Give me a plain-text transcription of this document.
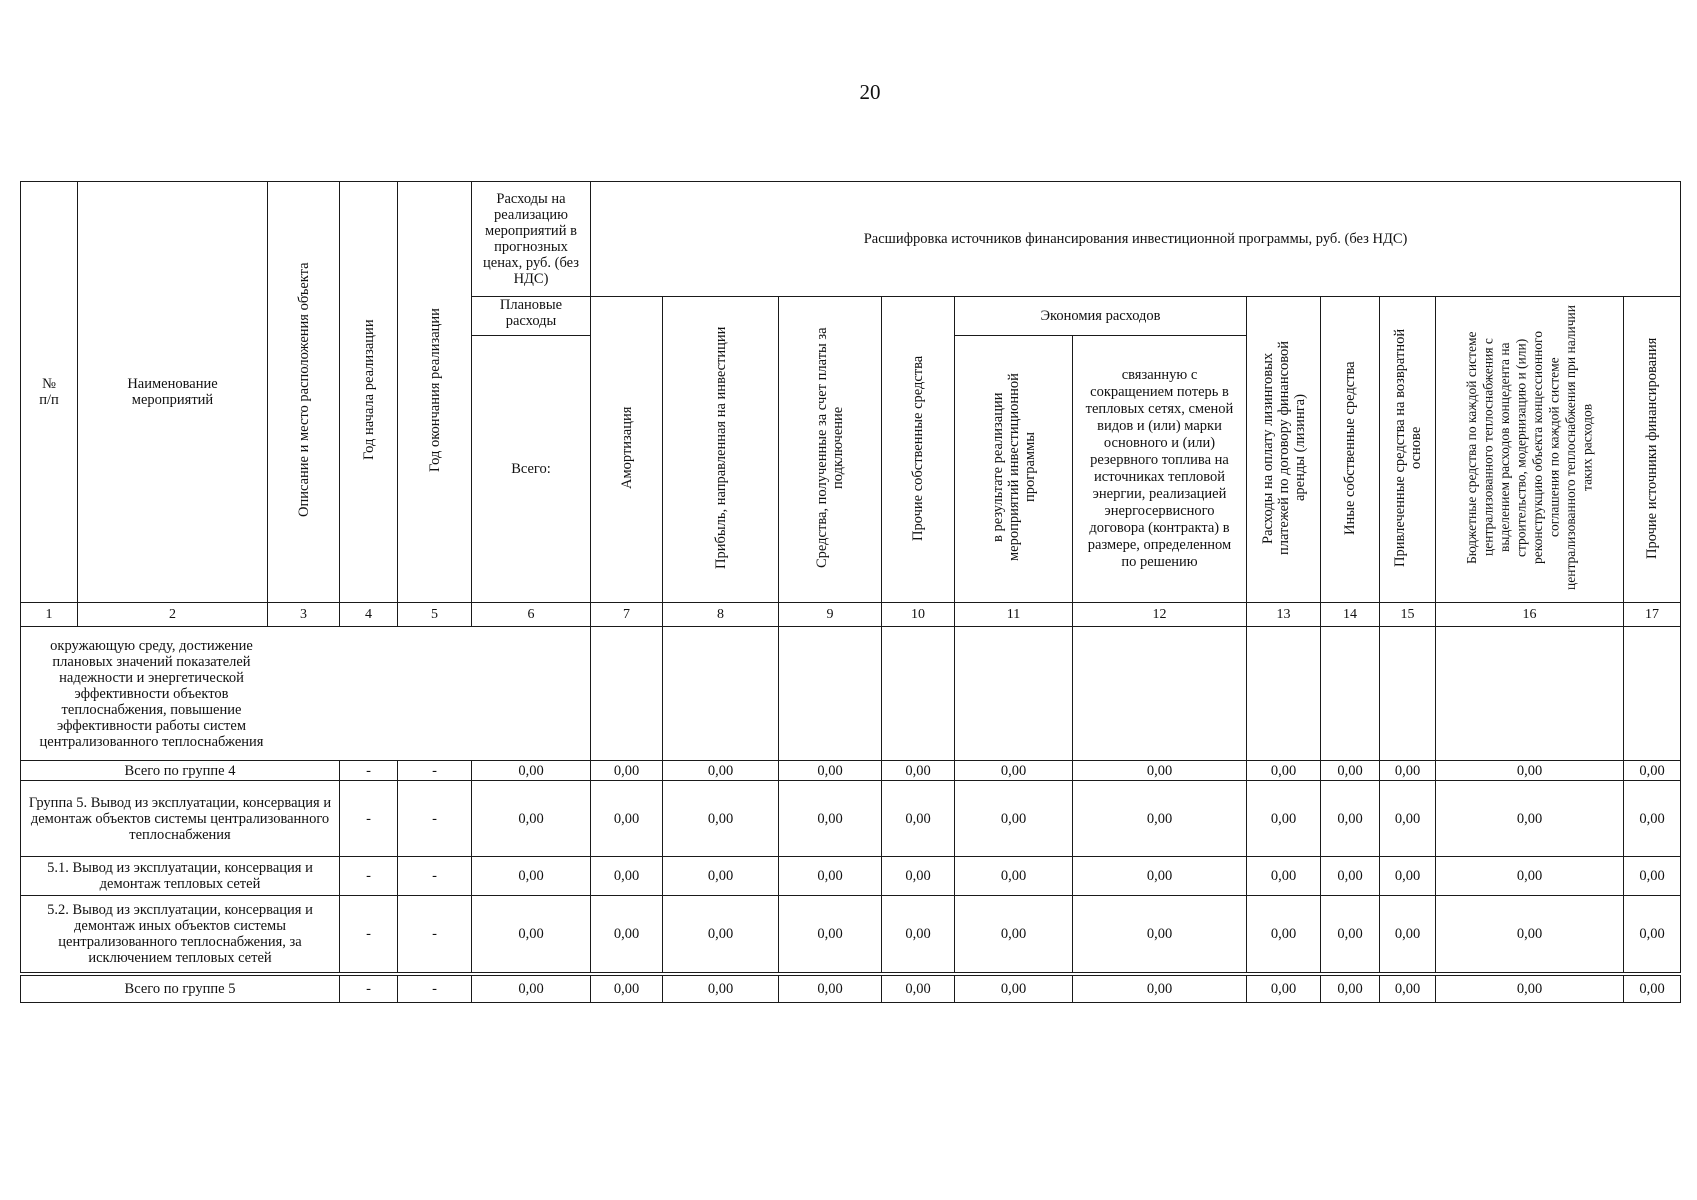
20
№ п/п	Наименование мероприятий	Описание и место расположения объекта	Год начала реализации	Год окончания реализации	Расходы на реализацию мероприятий в прогнозных ценах, руб. (без НДС)	Расшифровка источников финансирования инвестиционной программы, руб. (без НДС)										

					Плановые расходы	Амортизация	Прибыль, направленная на инвестиции	Средства, полученные за счет платы за подключение	Прочие собственные средства	Экономия расходов		Расходы на оплату лизинговых платежей по договору финансовой аренды (лизинга)	Иные собственные средства	Привлеченные средства на возвратной основе	Бюджетные средства по каждой системе централизованного теплоснабжения с выделением расходов концедента на строительство, модернизацию и (или) реконструкцию объекта концессионного соглашения по каждой системе централизованного теплоснабжения при наличии таких расходов	Прочие источники финансирования

					Всего:					в результате реализации мероприятий инвестиционной программы	связанную с сокращением потерь в тепловых сетях, сменой видов и (или) марки основного и (или) резервного топлива на источниках тепловой энергии, реализацией энергосервисного договора (контракта) в размере, определенном по решению					

1	2	3	4	5	6	7	8	9	10	11	12	13	14	15	16	17

окружающую среду, достижение плановых значений показателей надежности и энергетической эффективности объектов теплоснабжения, повышение эффективности работы систем централизованного теплоснабжения																

Всего по группе 4			-	-	0,00	0,00	0,00	0,00	0,00	0,00	0,00	0,00	0,00	0,00	0,00	0,00

Группа 5. Вывод из эксплуатации, консервация и демонтаж объектов системы централизованного теплоснабжения			-	-	0,00	0,00	0,00	0,00	0,00	0,00	0,00	0,00	0,00	0,00	0,00	0,00

5.1. Вывод из эксплуатации, консервация и демонтаж тепловых сетей			-	-	0,00	0,00	0,00	0,00	0,00	0,00	0,00	0,00	0,00	0,00	0,00	0,00

5.2. Вывод из эксплуатации, консервация и демонтаж иных объектов системы централизованного теплоснабжения, за исключением тепловых сетей			-	-	0,00	0,00	0,00	0,00	0,00	0,00	0,00	0,00	0,00	0,00	0,00	0,00
Всего по группе 5	-	-	0,00	0,00	0,00	0,00	0,00	0,00	0,00	0,00	0,00	0,00	0,00	0,00
